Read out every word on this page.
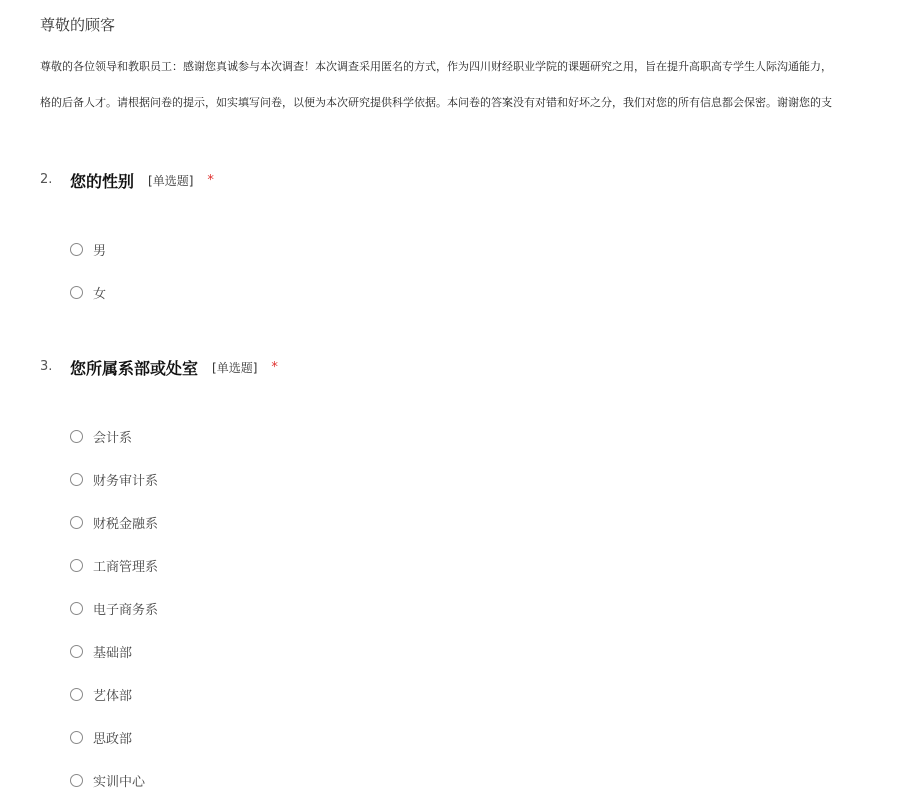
尊敬的顾客
尊敬的各位领导和教职员工：感谢您真诚参与本次调查！本次调查采用匿名的方式，作为四川财经职业学院的课题研究之用，旨在提升高职高专学生人际沟通能力，
格的后备人才。请根据问卷的提示，如实填写问卷，以便为本次研究提供科学依据。本问卷的答案没有对错和好坏之分，我们对您的所有信息都会保密。谢谢您的支
2. 您的性别 [单选题] *
男
女
3. 您所属系部或处室 [单选题] *
会计系
财务审计系
财税金融系
工商管理系
电子商务系
基础部
艺体部
思政部
实训中心
